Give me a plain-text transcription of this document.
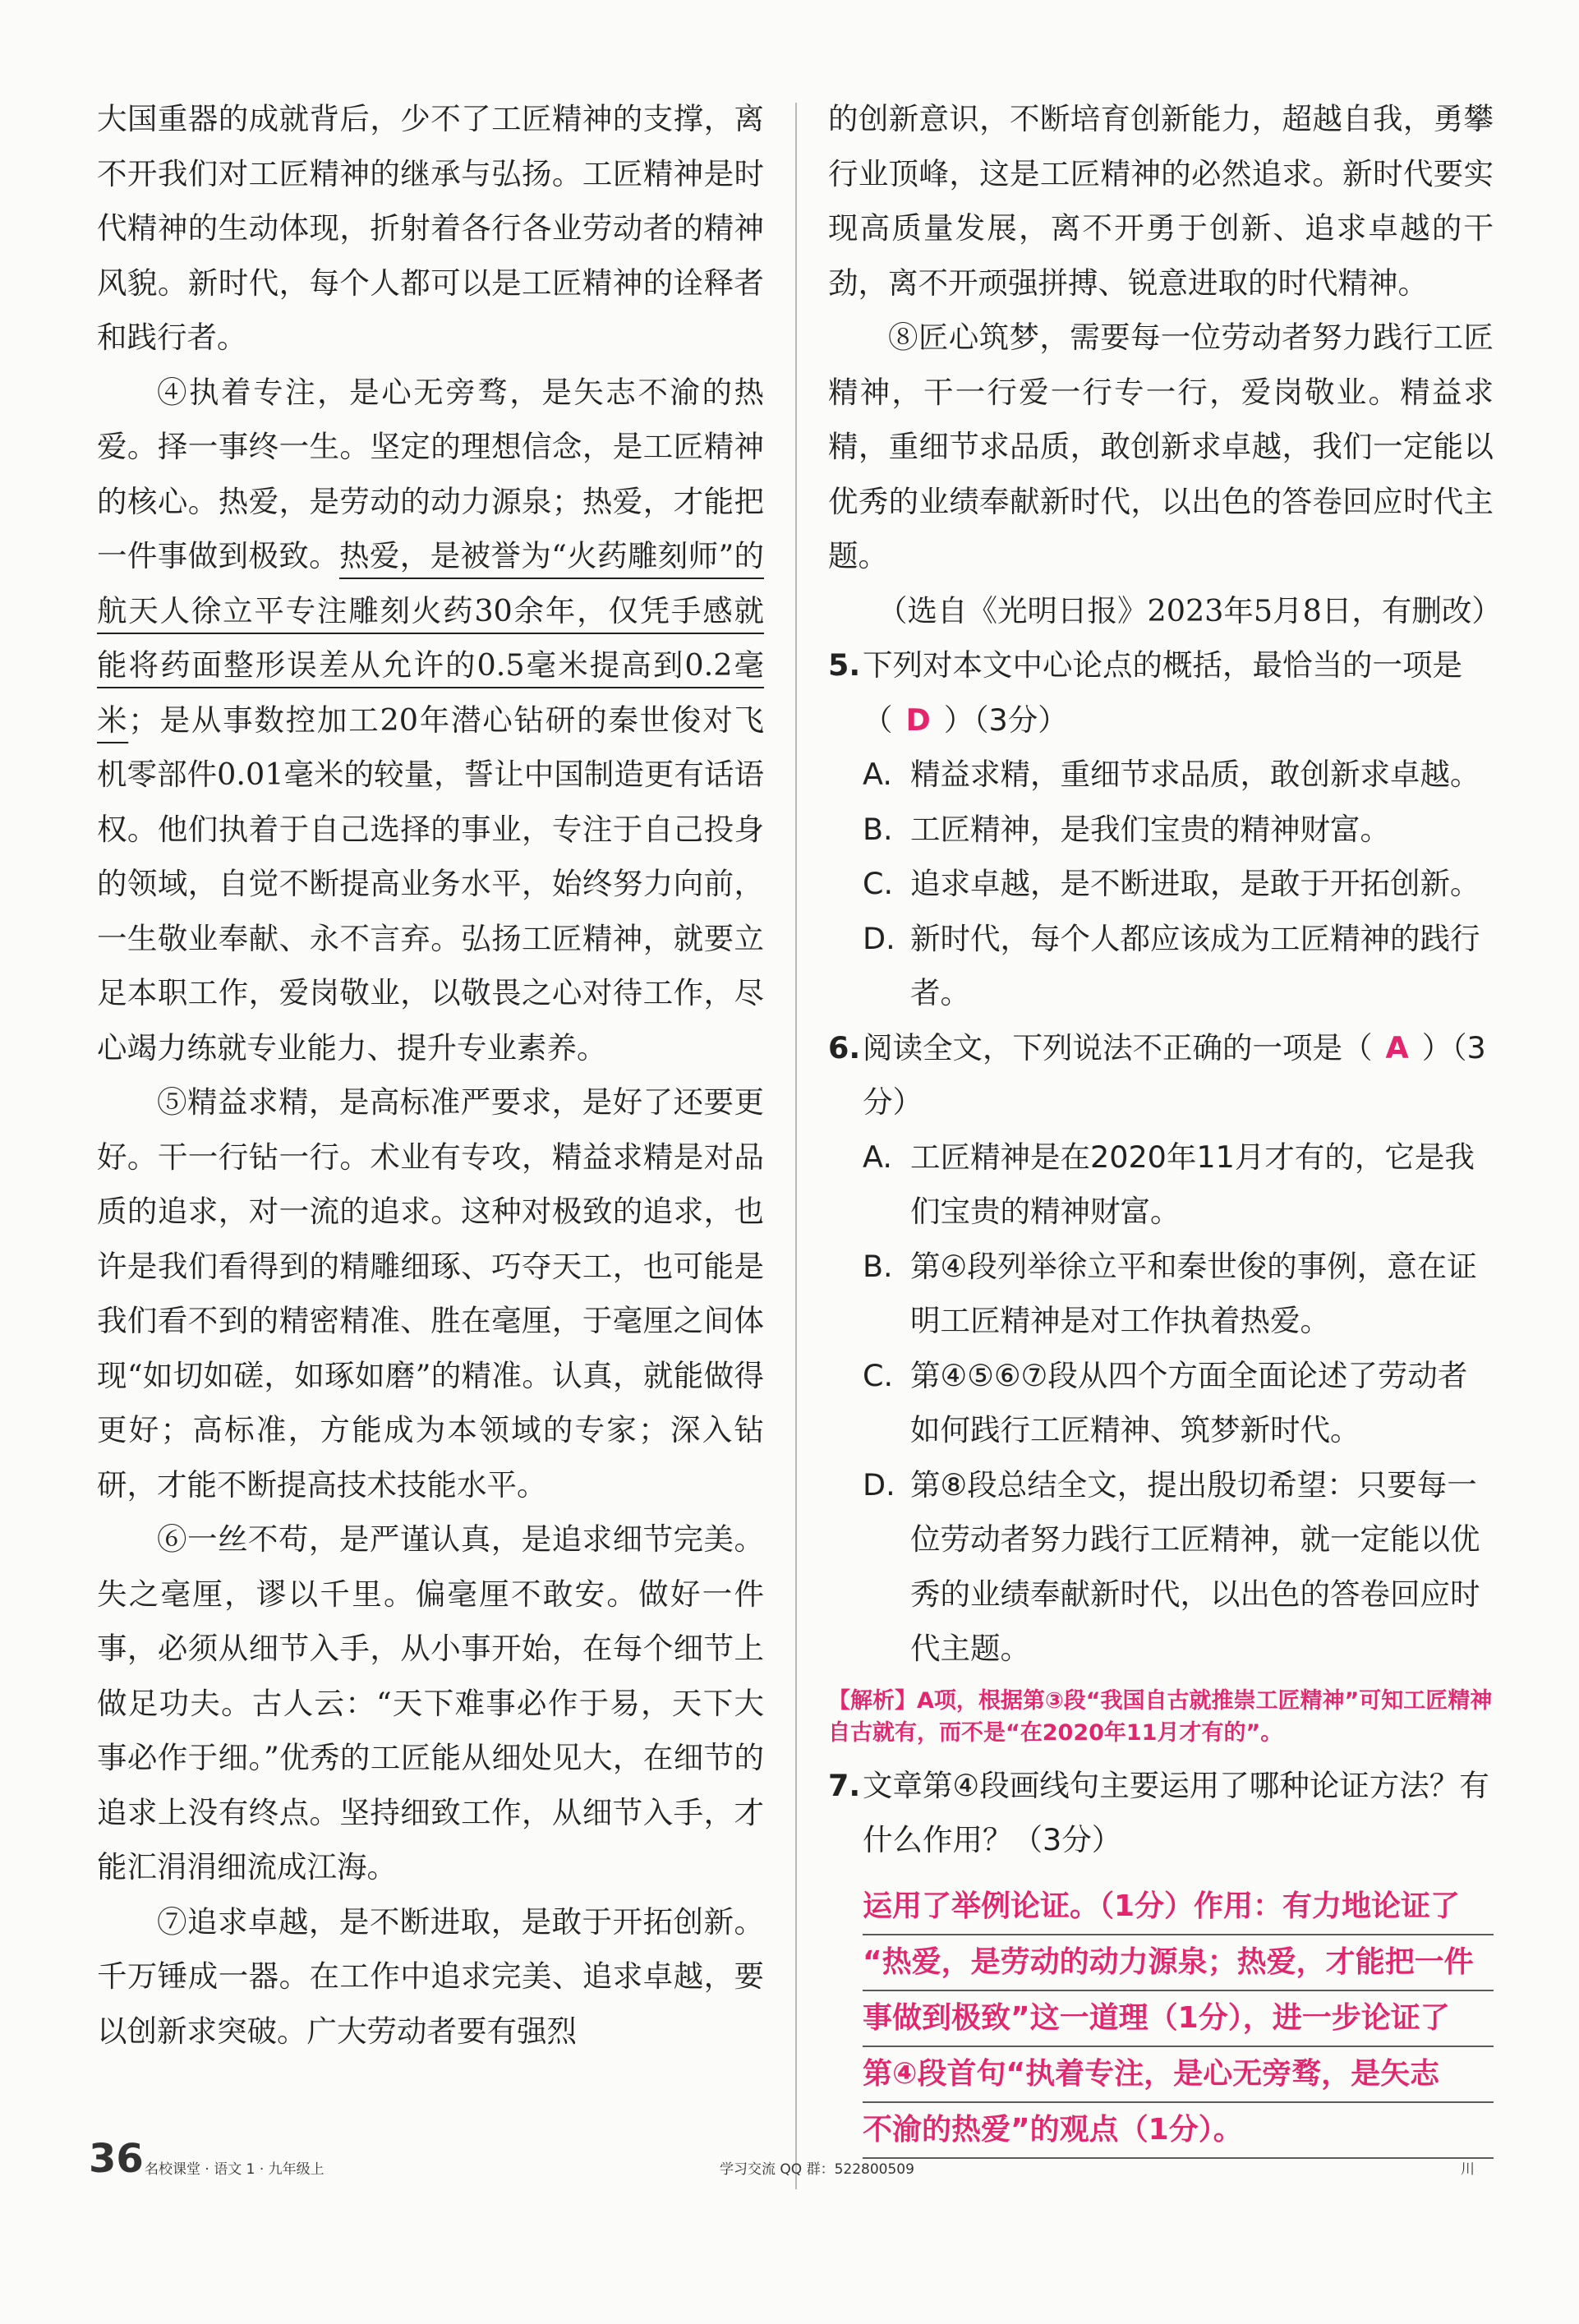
大国重器的成就背后，少不了工匠精神的支撑，离不开我们对工匠精神的继承与弘扬。工匠精神是时代精神的生动体现，折射着各行各业劳动者的精神风貌。新时代，每个人都可以是工匠精神的诠释者和践行者。

④执着专注，是心无旁骛，是矢志不渝的热爱。择一事终一生。坚定的理想信念，是工匠精神的核心。热爱，是劳动的动力源泉；热爱，才能把一件事做到极致。热爱，是被誉为“火药雕刻师”的航天人徐立平专注雕刻火药30余年，仅凭手感就能将药面整形误差从允许的0.5毫米提高到0.2毫米；是从事数控加工20年潜心钻研的秦世俊对飞机零部件0.01毫米的较量，誓让中国制造更有话语权。他们执着于自己选择的事业，专注于自己投身的领域，自觉不断提高业务水平，始终努力向前，一生敬业奉献、永不言弃。弘扬工匠精神，就要立足本职工作，爱岗敬业，以敬畏之心对待工作，尽心竭力练就专业能力、提升专业素养。

⑤精益求精，是高标准严要求，是好了还要更好。干一行钻一行。术业有专攻，精益求精是对品质的追求，对一流的追求。这种对极致的追求，也许是我们看得到的精雕细琢、巧夺天工，也可能是我们看不到的精密精准、胜在毫厘，于毫厘之间体现“如切如磋，如琢如磨”的精准。认真，就能做得更好；高标准，方能成为本领域的专家；深入钻研，才能不断提高技术技能水平。

⑥一丝不苟，是严谨认真，是追求细节完美。失之毫厘，谬以千里。偏毫厘不敢安。做好一件事，必须从细节入手，从小事开始，在每个细节上做足功夫。古人云：“天下难事必作于易，天下大事必作于细。”优秀的工匠能从细处见大，在细节的追求上没有终点。坚持细致工作，从细节入手，才能汇涓涓细流成江海。

⑦追求卓越，是不断进取，是敢于开拓创新。千万锤成一器。在工作中追求完美、追求卓越，要以创新求突破。广大劳动者要有强烈

的创新意识，不断培育创新能力，超越自我，勇攀行业顶峰，这是工匠精神的必然追求。新时代要实现高质量发展，离不开勇于创新、追求卓越的干劲，离不开顽强拼搏、锐意进取的时代精神。

⑧匠心筑梦，需要每一位劳动者努力践行工匠精神，干一行爱一行专一行，爱岗敬业。精益求精，重细节求品质，敢创新求卓越，我们一定能以优秀的业绩奉献新时代，以出色的答卷回应时代主题。

（选自《光明日报》2023年5月8日，有删改）

5. 下列对本文中心论点的概括，最恰当的一项是（ D ）（3分）

A. 精益求精，重细节求品质，敢创新求卓越。

B. 工匠精神，是我们宝贵的精神财富。

C. 追求卓越，是不断进取，是敢于开拓创新。

D. 新时代，每个人都应该成为工匠精神的践行者。

6. 阅读全文，下列说法不正确的一项是（ A ）（3分）

A. 工匠精神是在2020年11月才有的，它是我们宝贵的精神财富。

B. 第④段列举徐立平和秦世俊的事例，意在证明工匠精神是对工作执着热爱。

C. 第④⑤⑥⑦段从四个方面全面论述了劳动者如何践行工匠精神、筑梦新时代。

D. 第⑧段总结全文，提出殷切希望：只要每一位劳动者努力践行工匠精神，就一定能以优秀的业绩奉献新时代，以出色的答卷回应时代主题。

【解析】A项，根据第③段“我国自古就推崇工匠精神”可知工匠精神自古就有，而不是“在2020年11月才有的”。

7. 文章第④段画线句主要运用了哪种论证方法？有什么作用？（3分）

运用了举例论证。（1分）作用：有力地论证了
“热爱，是劳动的动力源泉；热爱，才能把一件
事做到极致”这一道理（1分），进一步论证了
第④段首句“执着专注，是心无旁骛，是矢志
不渝的热爱”的观点（1分）。
36 名校课堂 · 语文 1 · 九年级上	学习交流 QQ 群：522800509	川
